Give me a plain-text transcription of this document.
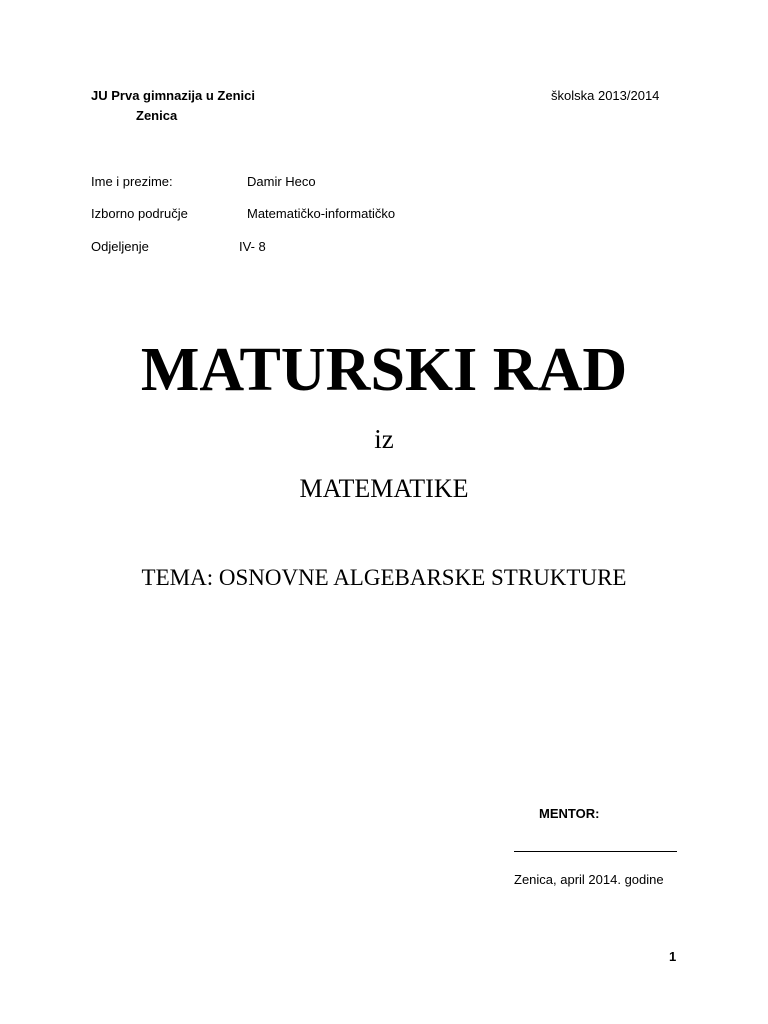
JU Prva gimnazija u Zenici
Zenica
školska 2013/2014
Ime i prezime:	Damir Heco
Izborno područje	Matematičko-informatičko
Odjeljenje	IV- 8
MATURSKI RAD
iz
MATEMATIKE
TEMA: OSNOVNE ALGEBARSKE STRUKTURE
MENTOR:
Zenica, april 2014. godine
1
